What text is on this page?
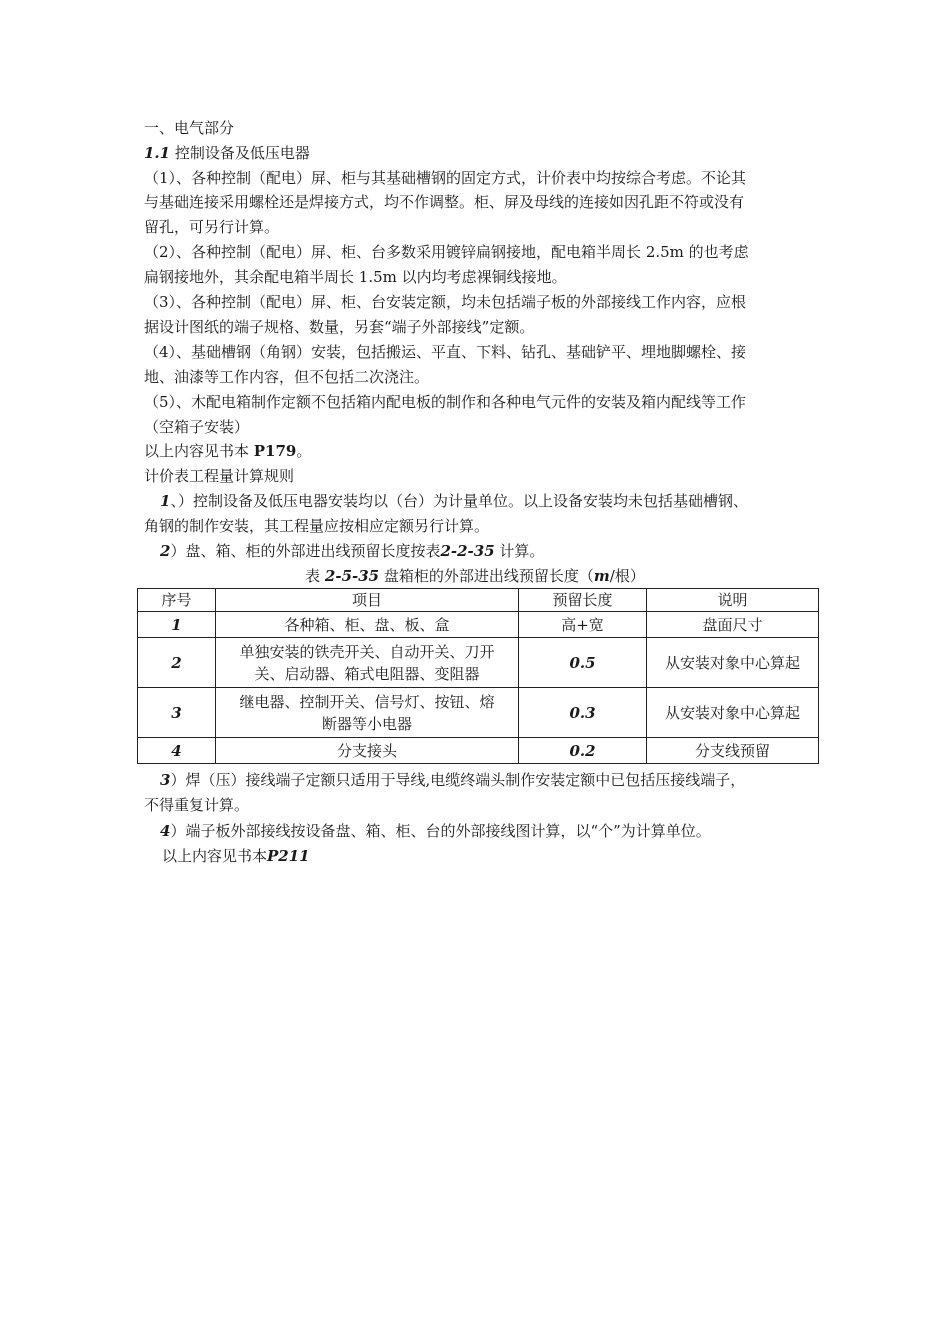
一、电气部分
1.1 控制设备及低压电器
（1）、各种控制（配电）屏、柜与其基础槽钢的固定方式，计价表中均按综合考虑。不论其
与基础连接采用螺栓还是焊接方式，均不作调整。柜、屏及母线的连接如因孔距不符或没有
留孔，可另行计算。
（2）、各种控制（配电）屏、柜、台多数采用镀锌扁钢接地，配电箱半周长 2.5m 的也考虑
扁钢接地外，其余配电箱半周长 1.5m 以内均考虑裸铜线接地。
（3）、各种控制（配电）屏、柜、台安装定额，均未包括端子板的外部接线工作内容，应根
据设计图纸的端子规格、数量，另套“端子外部接线”定额。
（4）、基础槽钢（角钢）安装，包括搬运、平直、下料、钻孔、基础铲平、埋地脚螺栓、接
地、油漆等工作内容，但不包括二次浇注。
（5）、木配电箱制作定额不包括箱内配电板的制作和各种电气元件的安装及箱内配线等工作
（空箱子安装）
以上内容见书本 P179。
计价表工程量计算规则
1、）控制设备及低压电器安装均以（台）为计量单位。以上设备安装均未包括基础槽钢、
角钢的制作安装，其工程量应按相应定额另行计算。
2）盘、箱、柜的外部进出线预留长度按表2-2-35 计算。
表 2-5-35 盘箱柜的外部进出线预留长度（m/根）
序号	项目	预留长度	说明
1	各种箱、柜、盘、板、盒	高+宽	盘面尺寸
2	单独安装的铁壳开关、自动开关、刀开
关、启动器、箱式电阻器、变阻器	0.5	从安装对象中心算起
3	继电器、控制开关、信号灯、按钮、熔
断器等小电器	0.3	从安装对象中心算起
4	分支接头	0.2	分支线预留
3）焊（压）接线端子定额只适用于导线,电缆终端头制作安装定额中已包括压接线端子，
不得重复计算。
4）端子板外部接线按设备盘、箱、柜、台的外部接线图计算，以“个”为计算单位。
以上内容见书本P211
